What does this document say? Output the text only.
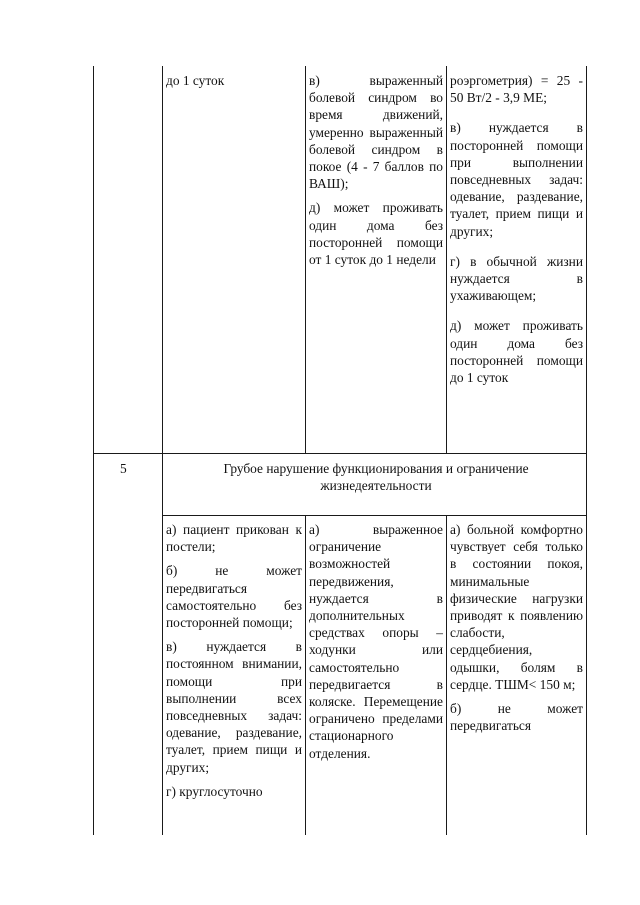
до 1 суток	в) выраженный болевой синдром во время движений, умеренно выраженный болевой синдром в покое (4 - 7 баллов по ВАШ);

д) может проживать один дома без посторонней помощи от 1 суток до 1 недели

роэргометрия) = 25 - 50 Вт/2 - 3,9 МЕ;

в) нуждается в посторонней помощи при выполнении повседневных задач: одевание, раздевание, туалет, прием пищи и других;

г) в обычной жизни нуждается в ухаживающем;

д) может проживать один дома без посторонней помощи до 1 суток

5	Грубое нарушение функционирования и ограничение жизнедеятельности

а) пациент прикован к постели;

б) не может передвигаться самостоятельно без посторонней помощи;

в) нуждается в постоянном внимании, помощи при выполнении всех повседневных задач: одевание, раздевание, туалет, прием пищи и других;

г) круглосуточно

а) выраженное ограничение возможностей передвижения, нуждается в дополнительных средствах опоры – ходунки или самостоятельно передвигается в коляске. Перемещение ограничено пределами стационарного отделения.

а) больной комфортно чувствует себя только в состоянии покоя, минимальные физические нагрузки приводят к появлению слабости, сердцебиения, одышки, болям в сердце. ТШМ< 150 м;

б) не может передвигаться
